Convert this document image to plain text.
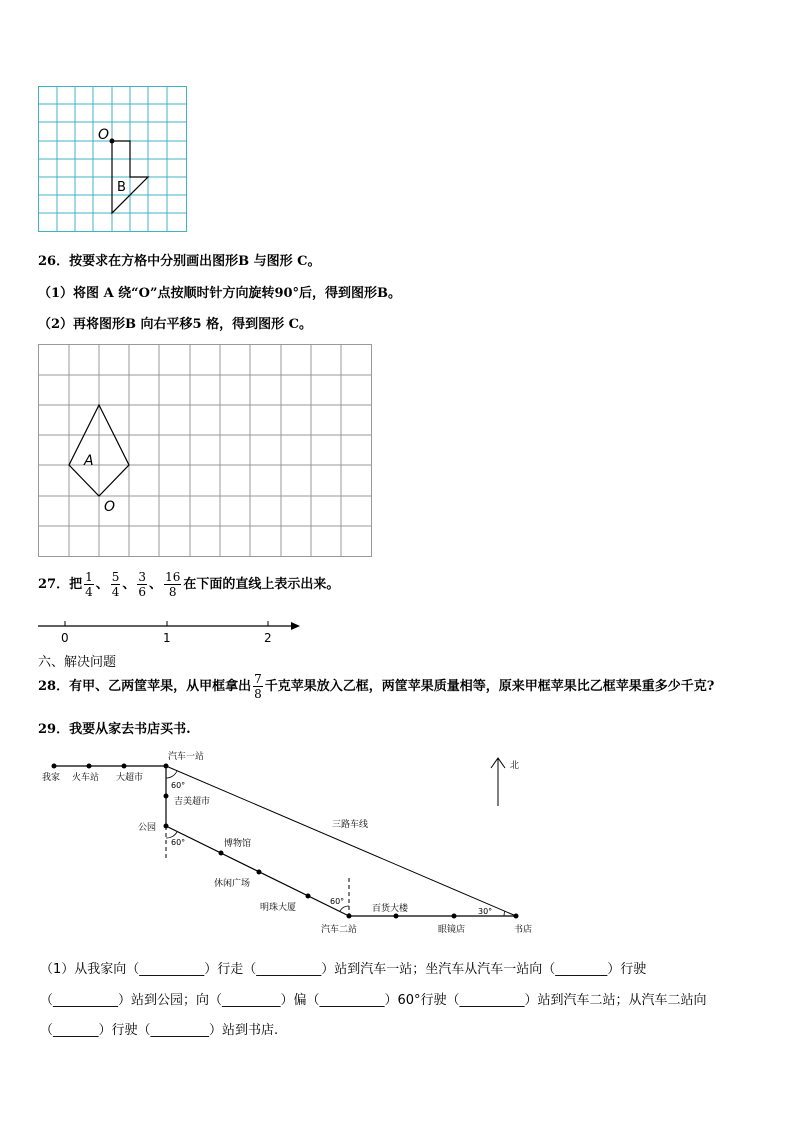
O
B
26．按要求在方格中分别画出图形B 与图形 C。
（1）将图 A 绕“O”点按顺时针方向旋转90°后，得到图形B。
（2）再将图形B 向右平移5 格，得到图形 C。
A
O
27．把 $\frac{1}{4}$ 、 $\frac{5}{4}$ 、 $\frac{3}{6}$ 、 $\frac{16}{8}$ 在下面的直线上表示出来。
0	1	2
六、解决问题
28．有甲、乙两筐苹果，从甲框拿出 $\frac{7}{8}$ 千克苹果放入乙框，两筐苹果质量相等，原来甲框苹果比乙框苹果重多少千克?
29．我要从家去书店买书.
我家 火车站 大超市
汽车一站
吉美超市
公园
博物馆
休闲广场
明珠大厦
汽车二站
百货大楼
眼镜店	书店
三路车线
60°
60°
60°
30°
北
（1）从我家向（__________）行走（__________）站到汽车一站；坐汽车从汽车一站向（________）行驶
（__________）站到公园；向（_________）偏（__________）60°行驶（__________）站到汽车二站；从汽车二站向
（_______）行驶（_________）站到书店.
